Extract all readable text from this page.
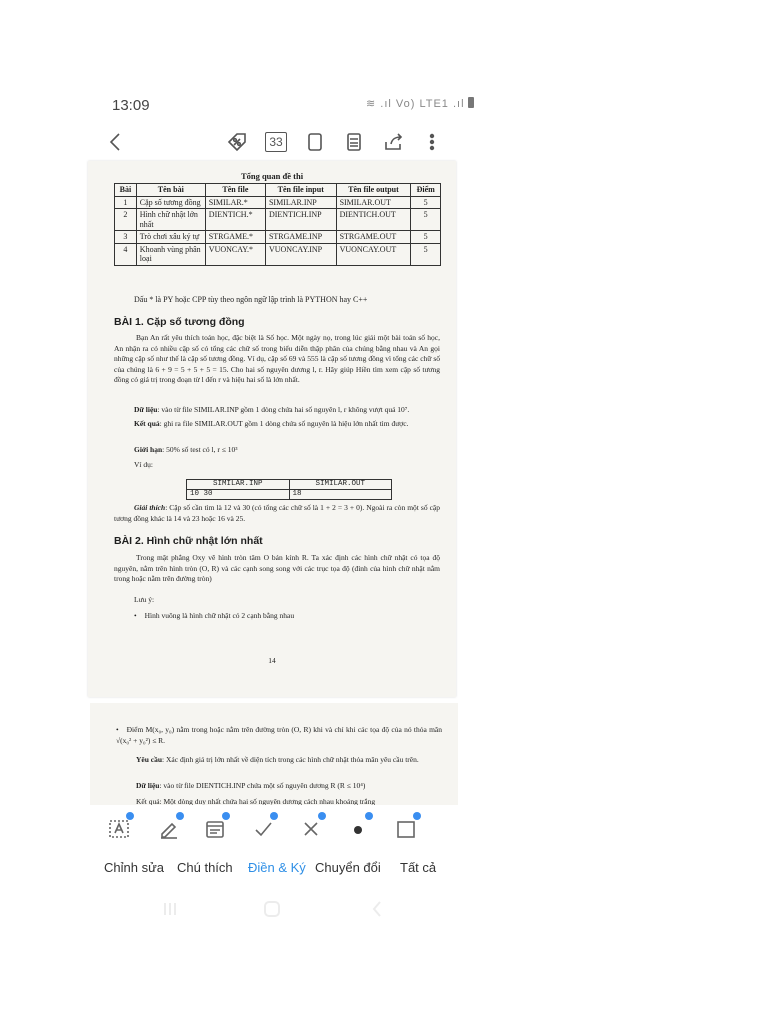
13:09	≋ .ıl Vo) LTE1 .ıl
33
Tổng quan đề thi
Bài	Tên bài	Tên file	Tên file input	Tên file output	Điểm
1	Cặp số tương đồng	SIMILAR.*	SIMILAR.INP	SIMILAR.OUT	5
2	Hình chữ nhật lớn nhất	DIENTICH.*	DIENTICH.INP	DIENTICH.OUT	5
3	Trò chơi xâu ký tự	STRGAME.*	STRGAME.INP	STRGAME.OUT	5
4	Khoanh vùng phân loại	VUONCAY.*	VUONCAY.INP	VUONCAY.OUT	5
Dấu * là PY hoặc CPP tùy theo ngôn ngữ lập trình là PYTHON hay C++
BÀI 1. Cặp số tương đồng
Bạn An rất yêu thích toán học, đặc biệt là Số học. Một ngày nọ, trong lúc giải một bài toán số học, An nhận ra có nhiều cặp số có tổng các chữ số trong biểu diễn thập phân của chúng bằng nhau và An gọi những cặp số như thế là cặp số tương đồng. Ví dụ, cặp số 69 và 555 là cặp số tương đồng vì tổng các chữ số của chúng là 6 + 9 = 5 + 5 + 5 = 15. Cho hai số nguyên dương l, r. Hãy giúp Hiền tìm xem cặp số tương đồng có giá trị trong đoạn từ l đến r và hiệu hai số là lớn nhất.
Dữ liệu: vào từ file SIMILAR.INP gồm 1 dòng chứa hai số nguyên l, r không vượt quá 10⁷.
Kết quả: ghi ra file SIMILAR.OUT gồm 1 dòng chứa số nguyên là hiệu lớn nhất tìm được.
Giới hạn: 50% số test có l, r ≤ 10³
Ví dụ:
SIMILAR.INP	SIMILAR.OUT
10 30	18
Giải thích: Cặp số cần tìm là 12 và 30 (có tổng các chữ số là 1 + 2 = 3 + 0). Ngoài ra còn một số cặp tương đồng khác là 14 và 23 hoặc 16 và 25.
BÀI 2. Hình chữ nhật lớn nhất
Trong mặt phẳng Oxy vẽ hình tròn tâm O bán kính R. Ta xác định các hình chữ nhật có tọa độ nguyên, nằm trên hình tròn (O, R) và các cạnh song song với các trục tọa độ (đỉnh của hình chữ nhật nằm trong hoặc nằm trên đường tròn)
Lưu ý:
• Hình vuông là hình chữ nhật có 2 cạnh bằng nhau
14
• Điểm M(x₀, y₀) nằm trong hoặc nằm trên đường tròn (O, R) khi và chỉ khi các tọa độ của nó thỏa mãn √(x₀² + y₀²) ≤ R.
Yêu cầu: Xác định giá trị lớn nhất về diện tích trong các hình chữ nhật thỏa mãn yêu cầu trên.
Dữ liệu: vào từ file DIENTICH.INP chứa một số nguyên dương R (R ≤ 10⁴)
Kết quả: Một dòng duy nhất chứa hai số nguyên dương cách nhau khoảng trắng
Chỉnh sửa Chú thích Điền & Ký Chuyển đổi Tất cả
